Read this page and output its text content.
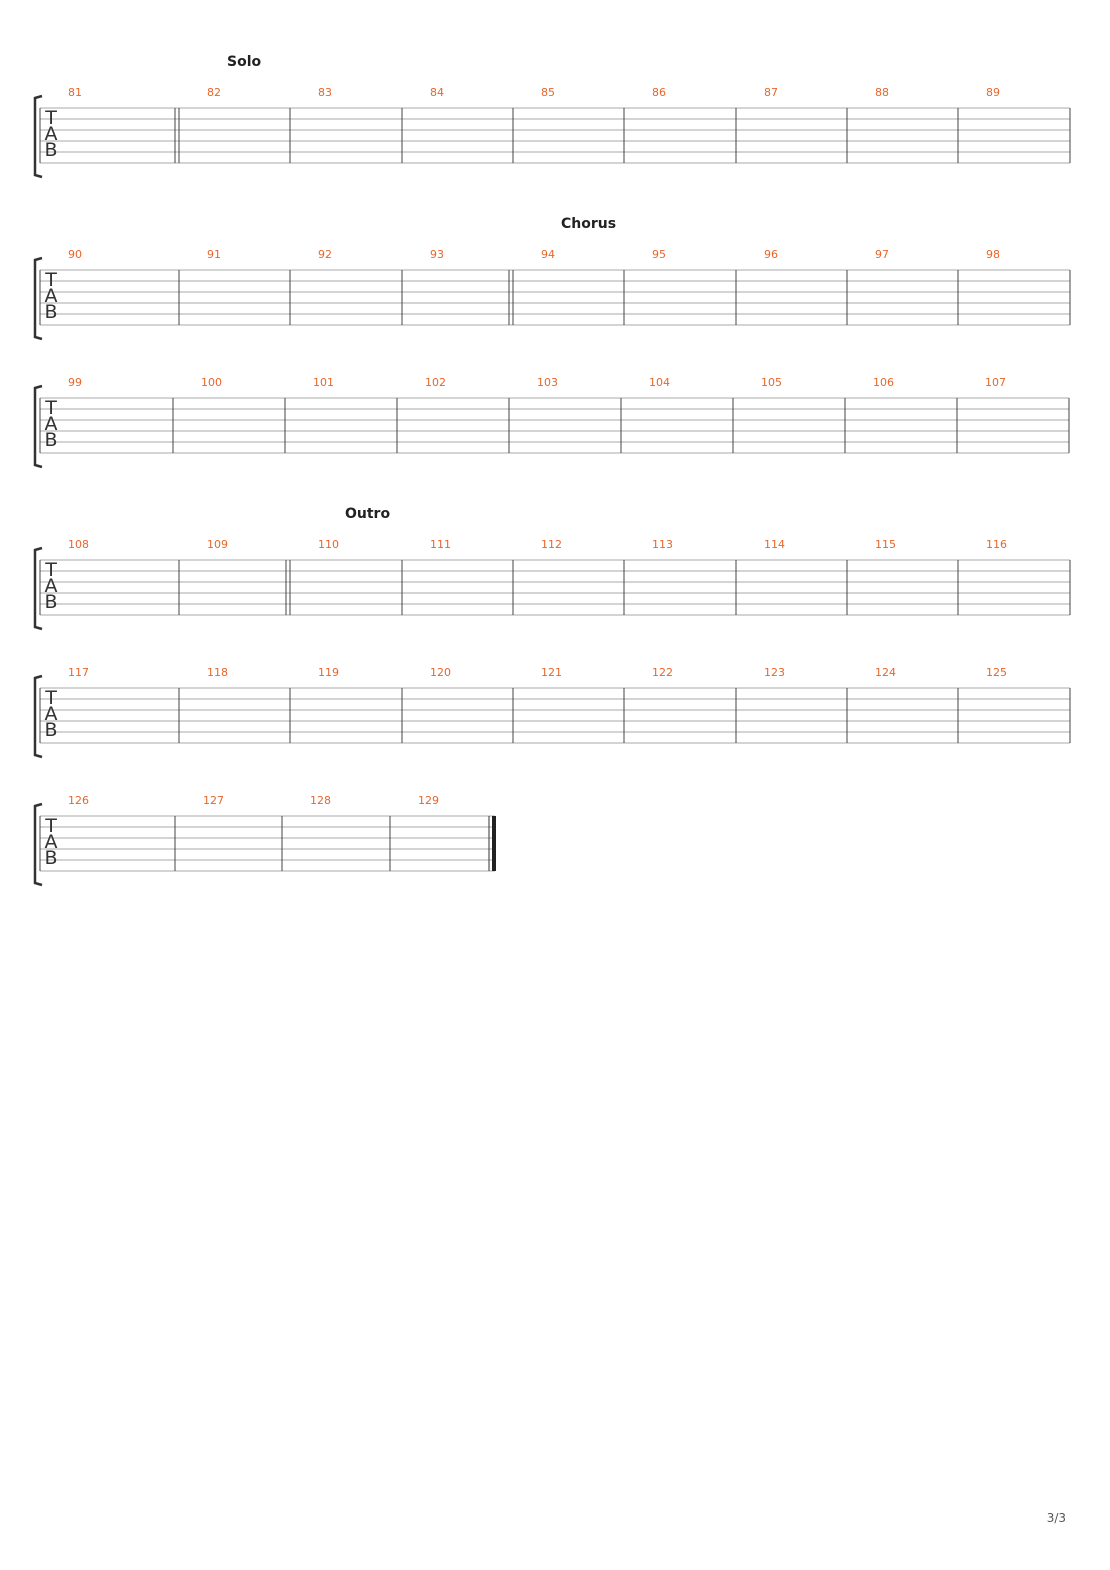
Solo
81	82	83	84	85	86	87	88	89
T
A
B
Chorus
90	91	92	93	94	95	96	97	98
T
A
B
99	100	101	102	103	104	105	106	107
T
A
B
Outro
108	109	110	111	112	113	114	115	116
T
A
B
117	118	119	120	121	122	123	124	125
T
A
B
126	127	128	129
T
A
B
3/3
